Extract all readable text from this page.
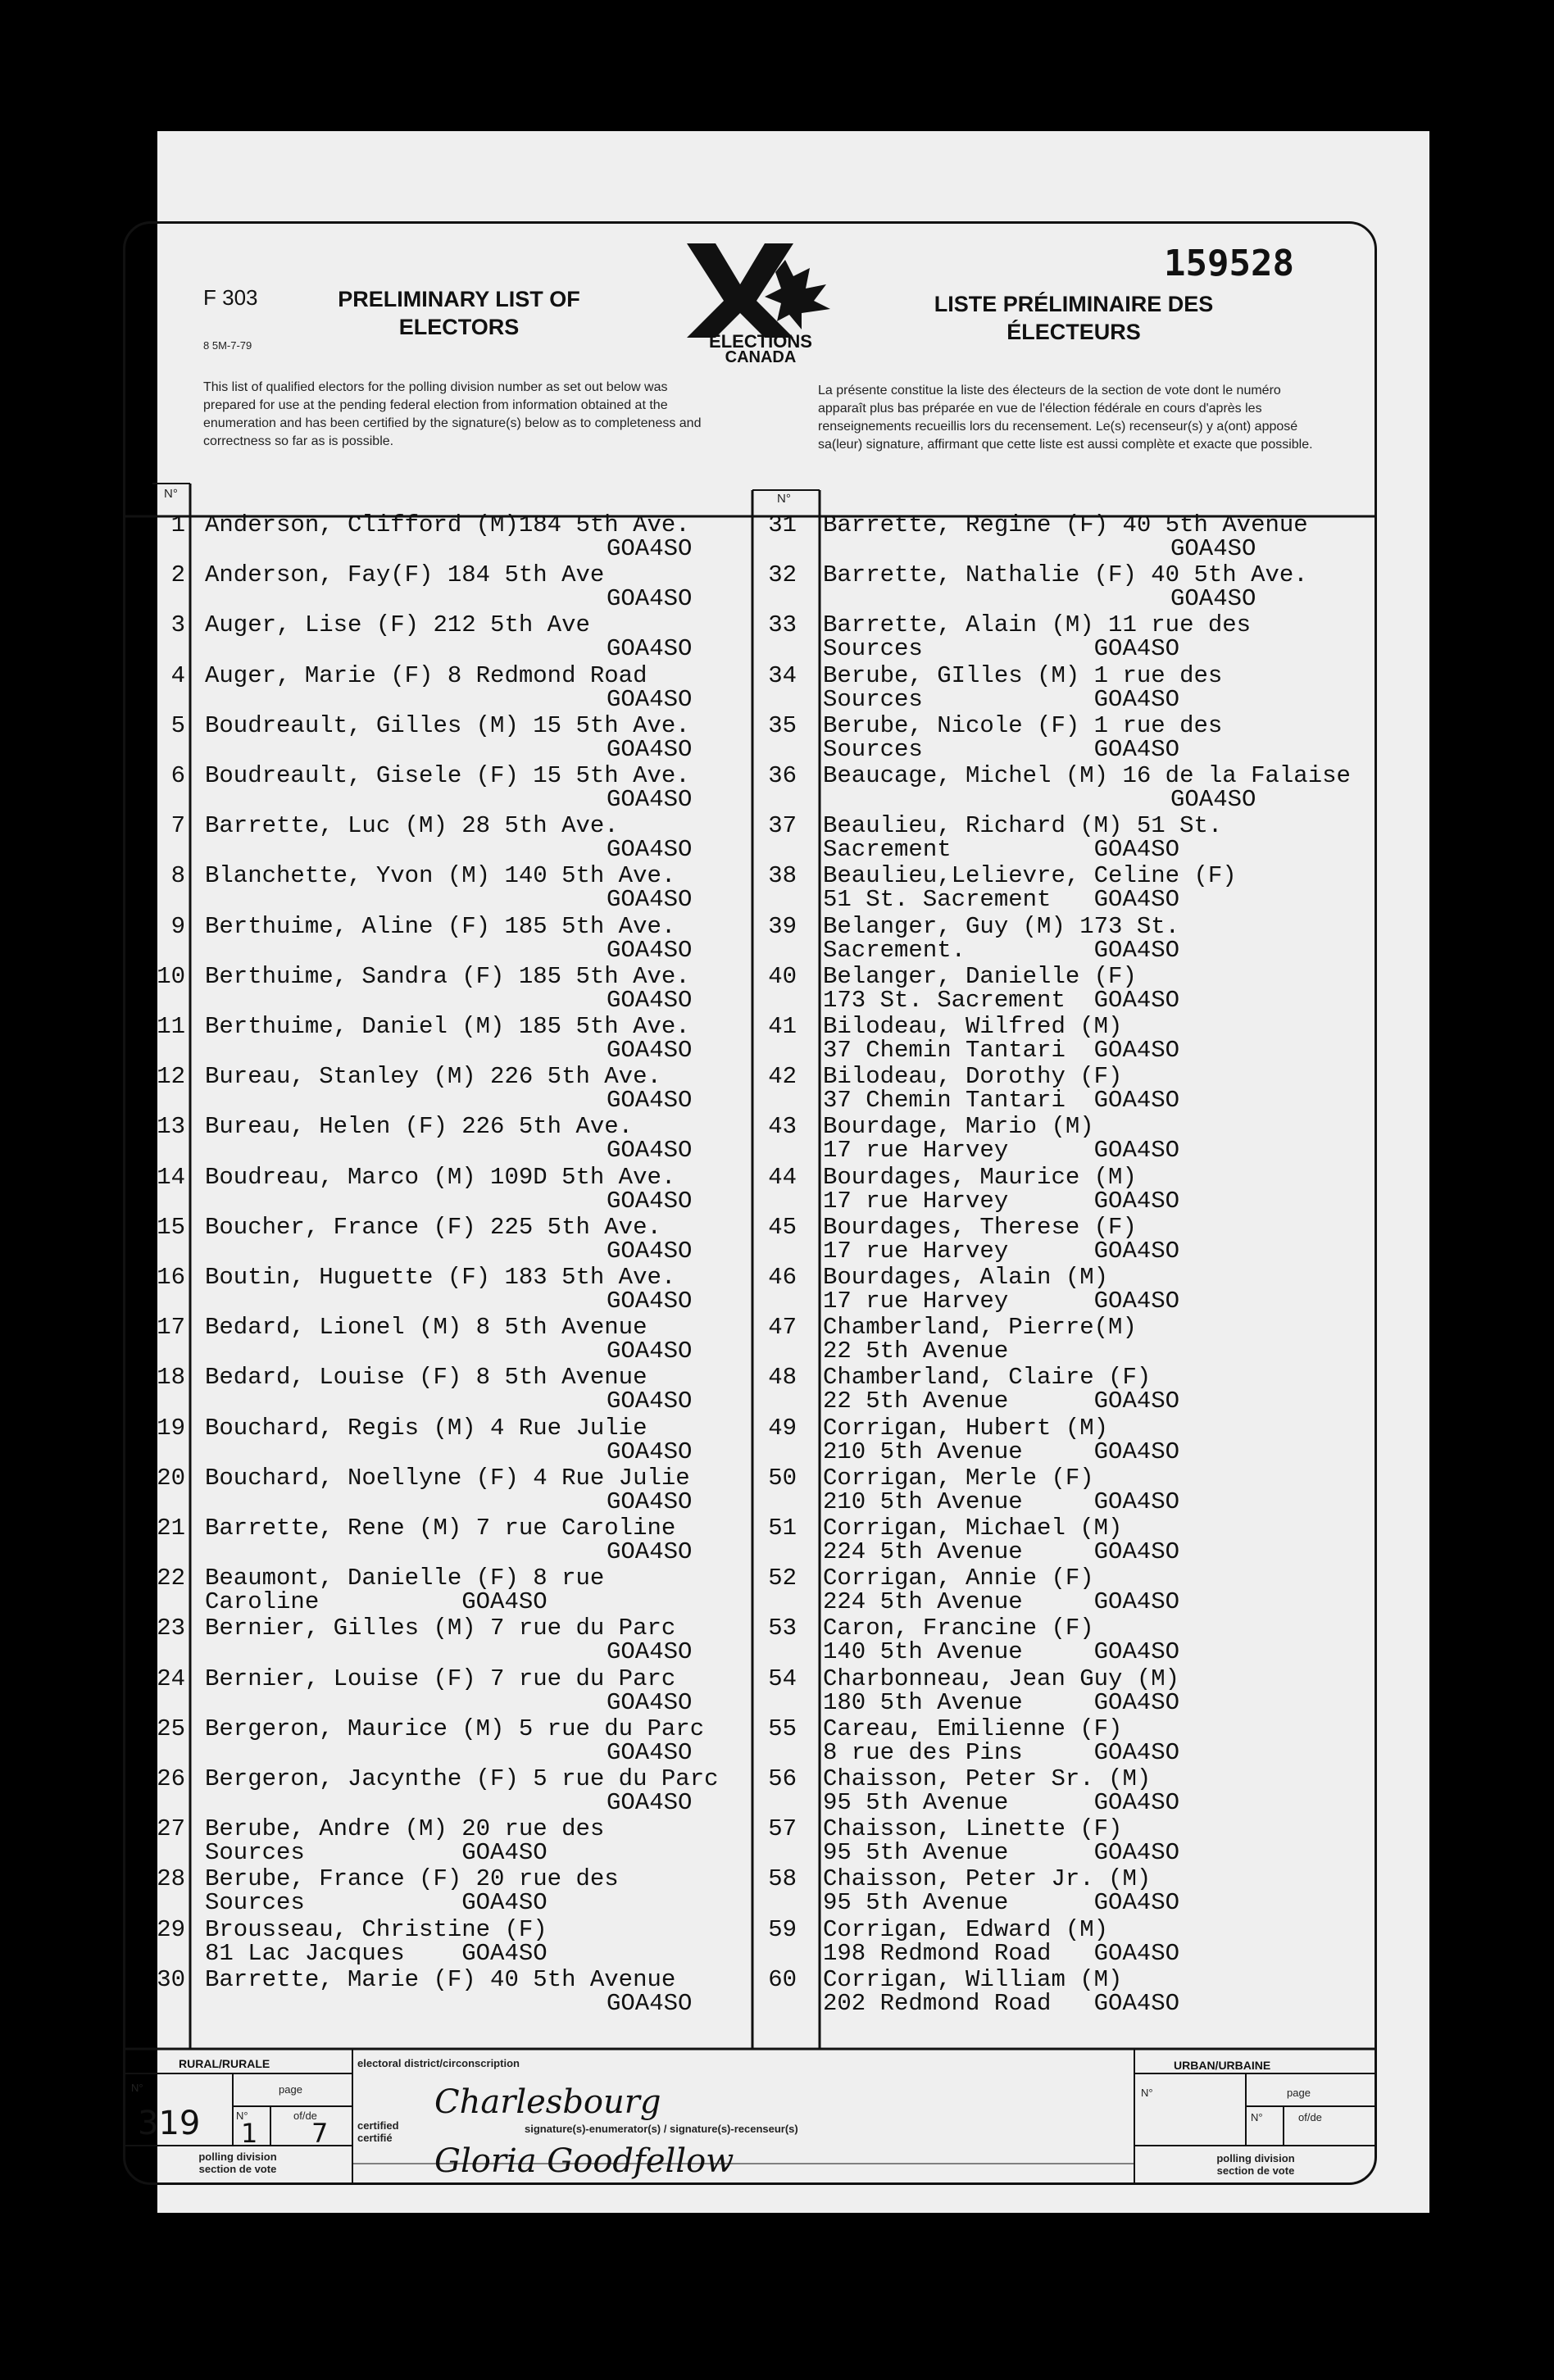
F 303
8 5M-7-79
PRELIMINARY LIST OF
ELECTORS
ELECTIONS
CANADA
159528
LISTE PRÉLIMINAIRE DES
ÉLECTEURS
This list of qualified electors for the polling division number as set out below was prepared for use at the pending federal election from information obtained at the enumeration and has been certified by the signature(s) below as to completeness and correctness so far as is possible.
La présente constitue la liste des électeurs de la section de vote dont le numéro apparaît plus bas préparée en vue de l'élection fédérale en cours d'après les renseignements recueillis lors du recensement. Le(s) recenseur(s) y a(ont) apposé sa(leur) signature, affirmant que cette liste est aussi complète et exacte que possible.
N°	N°
1 Anderson, Clifford (M)184 5th Ave.
GOA4SO
2 Anderson, Fay(F) 184 5th Ave
GOA4SO
3 Auger, Lise (F) 212 5th Ave
GOA4SO
4 Auger, Marie (F) 8 Redmond Road
GOA4SO
5 Boudreault, Gilles (M) 15 5th Ave.
GOA4SO
6 Boudreault, Gisele (F) 15 5th Ave.
GOA4SO
7 Barrette, Luc (M) 28 5th Ave.
GOA4SO
8 Blanchette, Yvon (M) 140 5th Ave.
GOA4SO
9 Berthuime, Aline (F) 185 5th Ave.
GOA4SO
10 Berthuime, Sandra (F) 185 5th Ave.
GOA4SO
11 Berthuime, Daniel (M) 185 5th Ave.
GOA4SO
12 Bureau, Stanley (M) 226 5th Ave.
GOA4SO
13 Bureau, Helen (F) 226 5th Ave.
GOA4SO
14 Boudreau, Marco (M) 109D 5th Ave.
GOA4SO
15 Boucher, France (F) 225 5th Ave.
GOA4SO
16 Boutin, Huguette (F) 183 5th Ave.
GOA4SO
17 Bedard, Lionel (M) 8 5th Avenue
GOA4SO
18 Bedard, Louise (F) 8 5th Avenue
GOA4SO
19 Bouchard, Regis (M) 4 Rue Julie
GOA4SO
20 Bouchard, Noellyne (F) 4 Rue Julie
GOA4SO
21 Barrette, Rene (M) 7 rue Caroline
GOA4SO
22 Beaumont, Danielle (F) 8 rue
Caroline          GOA4SO
23 Bernier, Gilles (M) 7 rue du Parc
GOA4SO
24 Bernier, Louise (F) 7 rue du Parc
GOA4SO
25 Bergeron, Maurice (M) 5 rue du Parc
GOA4SO
26 Bergeron, Jacynthe (F) 5 rue du Parc
GOA4SO
27 Berube, Andre (M) 20 rue des
Sources           GOA4SO
28 Berube, France (F) 20 rue des
Sources           GOA4SO
29 Brousseau, Christine (F)
81 Lac Jacques    GOA4SO
30 Barrette, Marie (F) 40 5th Avenue
GOA4SO
31 Barrette, Regine (F) 40 5th Avenue
GOA4SO
32 Barrette, Nathalie (F) 40 5th Ave.
GOA4SO
33 Barrette, Alain (M) 11 rue des
Sources            GOA4SO
34 Berube, GIlles (M) 1 rue des
Sources            GOA4SO
35 Berube, Nicole (F) 1 rue des
Sources            GOA4SO
36 Beaucage, Michel (M) 16 de la Falaise
GOA4SO
37 Beaulieu, Richard (M) 51 St.
Sacrement          GOA4SO
38 Beaulieu,Lelievre, Celine (F)
51 St. Sacrement   GOA4SO
39 Belanger, Guy (M) 173 St.
Sacrement.         GOA4SO
40 Belanger, Danielle (F)
173 St. Sacrement  GOA4SO
41 Bilodeau, Wilfred (M)
37 Chemin Tantari  GOA4SO
42 Bilodeau, Dorothy (F)
37 Chemin Tantari  GOA4SO
43 Bourdage, Mario (M)
17 rue Harvey      GOA4SO
44 Bourdages, Maurice (M)
17 rue Harvey      GOA4SO
45 Bourdages, Therese (F)
17 rue Harvey      GOA4SO
46 Bourdages, Alain (M)
17 rue Harvey      GOA4SO
47 Chamberland, Pierre(M)
22 5th Avenue
48 Chamberland, Claire (F)
22 5th Avenue      GOA4SO
49 Corrigan, Hubert (M)
210 5th Avenue     GOA4SO
50 Corrigan, Merle (F)
210 5th Avenue     GOA4SO
51 Corrigan, Michael (M)
224 5th Avenue     GOA4SO
52 Corrigan, Annie (F)
224 5th Avenue     GOA4SO
53 Caron, Francine (F)
140 5th Avenue     GOA4SO
54 Charbonneau, Jean Guy (M)
180 5th Avenue     GOA4SO
55 Careau, Emilienne (F)
8 rue des Pins     GOA4SO
56 Chaisson, Peter Sr. (M)
95 5th Avenue      GOA4SO
57 Chaisson, Linette (F)
95 5th Avenue      GOA4SO
58 Chaisson, Peter Jr. (M)
95 5th Avenue      GOA4SO
59 Corrigan, Edward (M)
198 Redmond Road   GOA4SO
60 Corrigan, William (M)
202 Redmond Road   GOA4SO
RURAL/RURALE
N°	page
N°	of/de
319 1 7
polling division
section de vote
electoral district/circonscription
Charlesbourg
certified
certifié
signature(s)-enumerator(s) / signature(s)-recenseur(s)
Gloria Goodfellow
URBAN/URBAINE
N°	page
N°	of/de
polling division
section de vote
